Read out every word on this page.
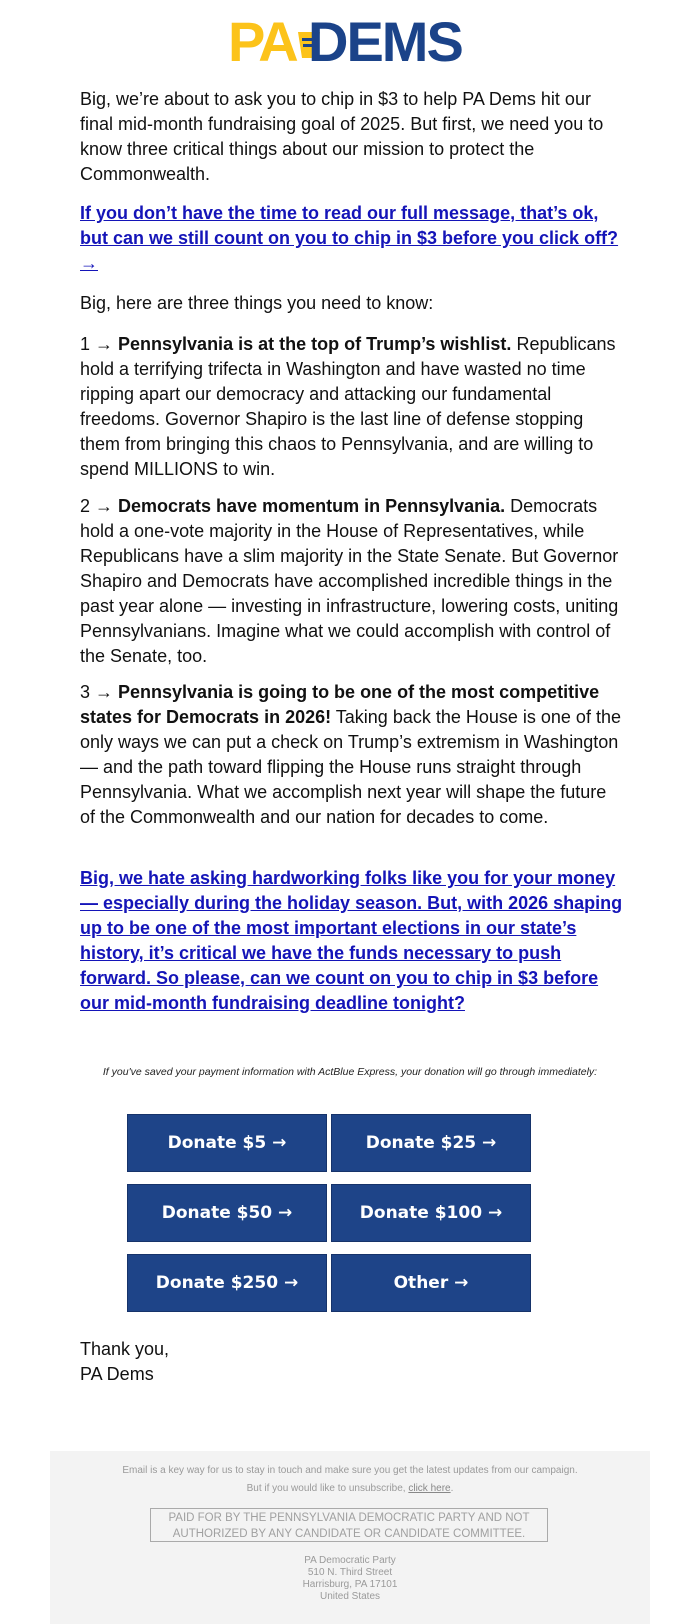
PA DEMS

Big, we’re about to ask you to chip in $3 to help PA Dems hit our final mid-month fundraising goal of 2025. But first, we need you to know three critical things about our mission to protect the Commonwealth.

If you don’t have the time to read our full message, that’s ok, but can we still count on you to chip in $3 before you click off? →

Big, here are three things you need to know:

1 → Pennsylvania is at the top of Trump’s wishlist. Republicans hold a terrifying trifecta in Washington and have wasted no time ripping apart our democracy and attacking our fundamental freedoms. Governor Shapiro is the last line of defense stopping them from bringing this chaos to Pennsylvania, and are willing to spend MILLIONS to win.

2 → Democrats have momentum in Pennsylvania. Democrats hold a one-vote majority in the House of Representatives, while Republicans have a slim majority in the State Senate. But Governor Shapiro and Democrats have accomplished incredible things in the past year alone — investing in infrastructure, lowering costs, uniting Pennsylvanians. Imagine what we could accomplish with control of the Senate, too.

3 → Pennsylvania is going to be one of the most competitive states for Democrats in 2026! Taking back the House is one of the only ways we can put a check on Trump’s extremism in Washington — and the path toward flipping the House runs straight through Pennsylvania. What we accomplish next year will shape the future of the Commonwealth and our nation for decades to come.

Big, we hate asking hardworking folks like you for your money — especially during the holiday season. But, with 2026 shaping up to be one of the most important elections in our state’s history, it’s critical we have the funds necessary to push forward. So please, can we count on you to chip in $3 before our mid-month fundraising deadline tonight?
If you've saved your payment information with ActBlue Express, your donation will go through immediately:
Donate $5 →	Donate $25 →
Donate $50 →	Donate $100 →
Donate $250 →	Other →

Thank you,

PA Dems

Email is a key way for us to stay in touch and make sure you get the latest updates from our campaign.
But if you would like to unsubscribe, click here.
PAID FOR BY THE PENNSYLVANIA DEMOCRATIC PARTY AND NOT
AUTHORIZED BY ANY CANDIDATE OR CANDIDATE COMMITTEE.
PA Democratic Party
510 N. Third Street
Harrisburg, PA 17101
United States
